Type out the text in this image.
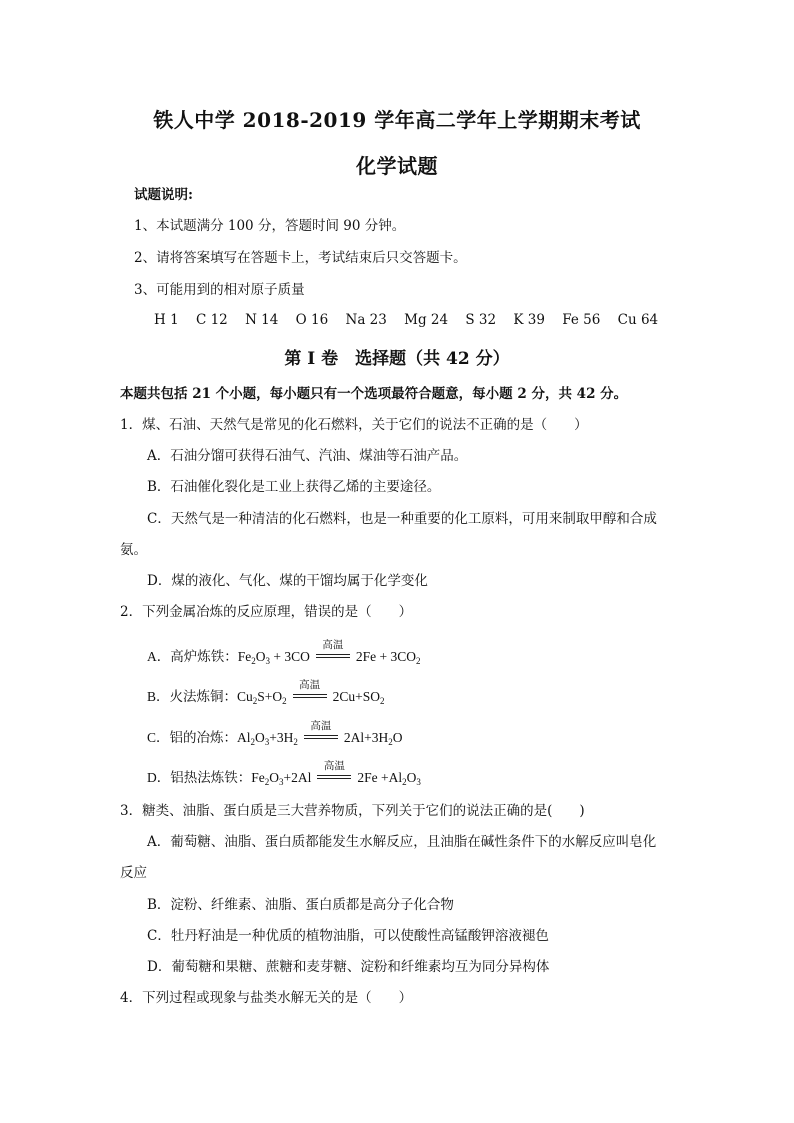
铁人中学 2018-2019 学年高二学年上学期期末考试
化学试题
试题说明:
1、本试题满分 100 分，答题时间 90 分钟。
2、请将答案填写在答题卡上，考试结束后只交答题卡。
3、可能用到的相对原子质量
H 1 C 12 N 14 O 16 Na 23 Mg 24 S 32 K 39 Fe 56 Cu 64
第 I 卷　选择题（共 42 分）
本题共包括 21 个小题，每小题只有一个选项最符合题意，每小题 2 分，共 42 分。
1．煤、石油、天然气是常见的化石燃料，关于它们的说法不正确的是（　　）
A．石油分馏可获得石油气、汽油、煤油等石油产品。
B．石油催化裂化是工业上获得乙烯的主要途径。
C．天然气是一种清洁的化石燃料，也是一种重要的化工原料，可用来制取甲醇和合成
氨。
D．煤的液化、气化、煤的干馏均属于化学变化
2．下列金属冶炼的反应原理，错误的是（　　）
A．高炉炼铁：$Fe_2O_3 + 3CO$
高温
$2Fe + 3CO_2$
B．火法炼铜：$Cu_2S+O_2$
高温
$2Cu+SO_2$
C．铝的冶炼：$Al_2O_3+3H_2$
高温
$2Al+3H_2O$
D．铝热法炼铁：$Fe_2O_3+2Al$
高温
$2Fe +Al_2O_3$
3．糖类、油脂、蛋白质是三大营养物质，下列关于它们的说法正确的是(　　)
A．葡萄糖、油脂、蛋白质都能发生水解反应，且油脂在碱性条件下的水解反应叫皂化
反应
B．淀粉、纤维素、油脂、蛋白质都是高分子化合物
C．牡丹籽油是一种优质的植物油脂，可以使酸性高锰酸钾溶液褪色
D．葡萄糖和果糖、蔗糖和麦芽糖、淀粉和纤维素均互为同分异构体
4．下列过程或现象与盐类水解无关的是（　　）
